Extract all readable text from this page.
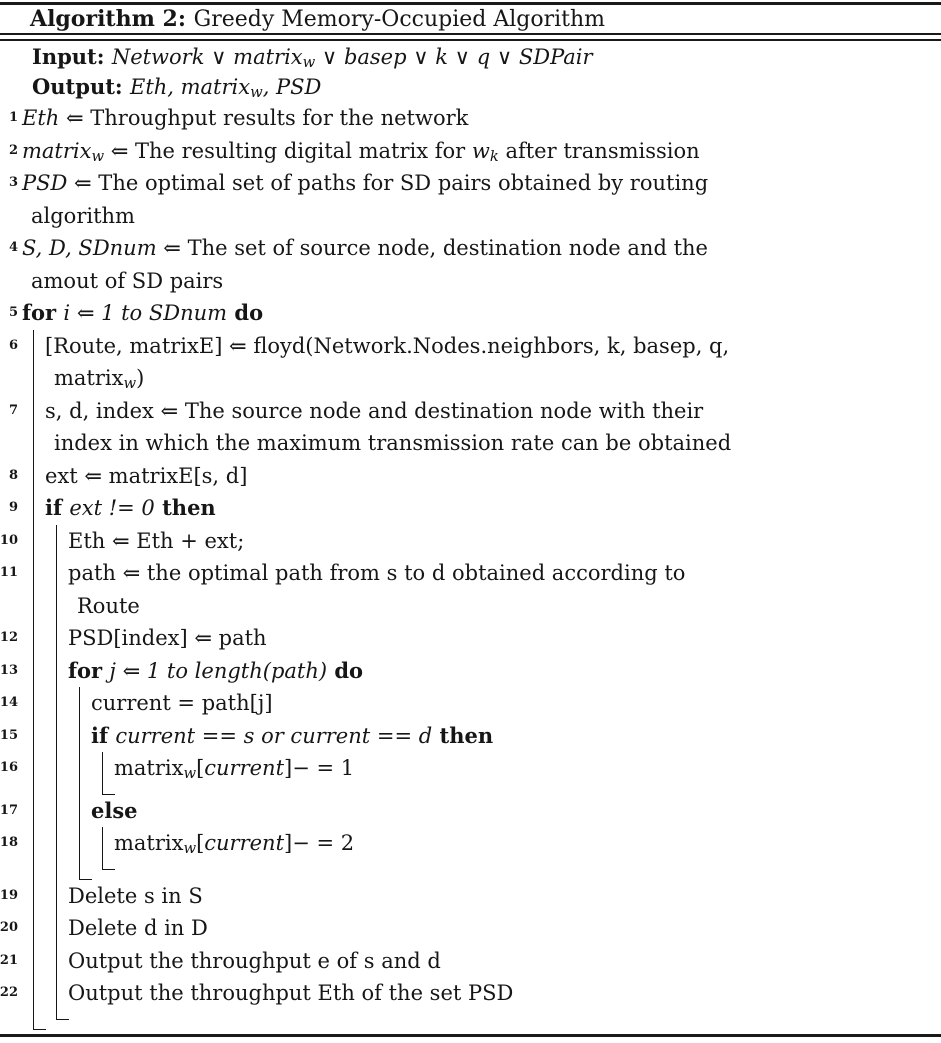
Algorithm 2: Greedy Memory-Occupied Algorithm
Input: Network ∨ matrix$_w$ ∨ basep ∨ k ∨ q ∨ SDPair
Output: Eth, matrix$_w$, PSD
1 Eth ⇐ Throughput results for the network
2 matrix$_w$ ⇐ The resulting digital matrix for $w_k$ after transmission
3 PSD ⇐ The optimal set of paths for SD pairs obtained by routing
algorithm
4 S, D, SDnum ⇐ The set of source node, destination node and the
amout of SD pairs
5 for i ⇐ 1 to SDnum do
6 [Route, matrixE] ⇐ floyd(Network.Nodes.neighbors, k, basep, q,
matrix$_w$)
7 s, d, index ⇐ The source node and destination node with their
index in which the maximum transmission rate can be obtained
8 ext ⇐ matrixE[s, d]
9 if ext != 0 then
10 Eth ⇐ Eth + ext;
11 path ⇐ the optimal path from s to d obtained according to
Route
12 PSD[index] ⇐ path
13 for j ⇐ 1 to length(path) do
14	current = path[j]
15	if current == s or current == d then
16	matrix$_w$[current]− = 1
17	else
18	matrix$_w$[current]− = 2
19 Delete s in S
20 Delete d in D
21 Output the throughput e of s and d
22 Output the throughput Eth of the set PSD
